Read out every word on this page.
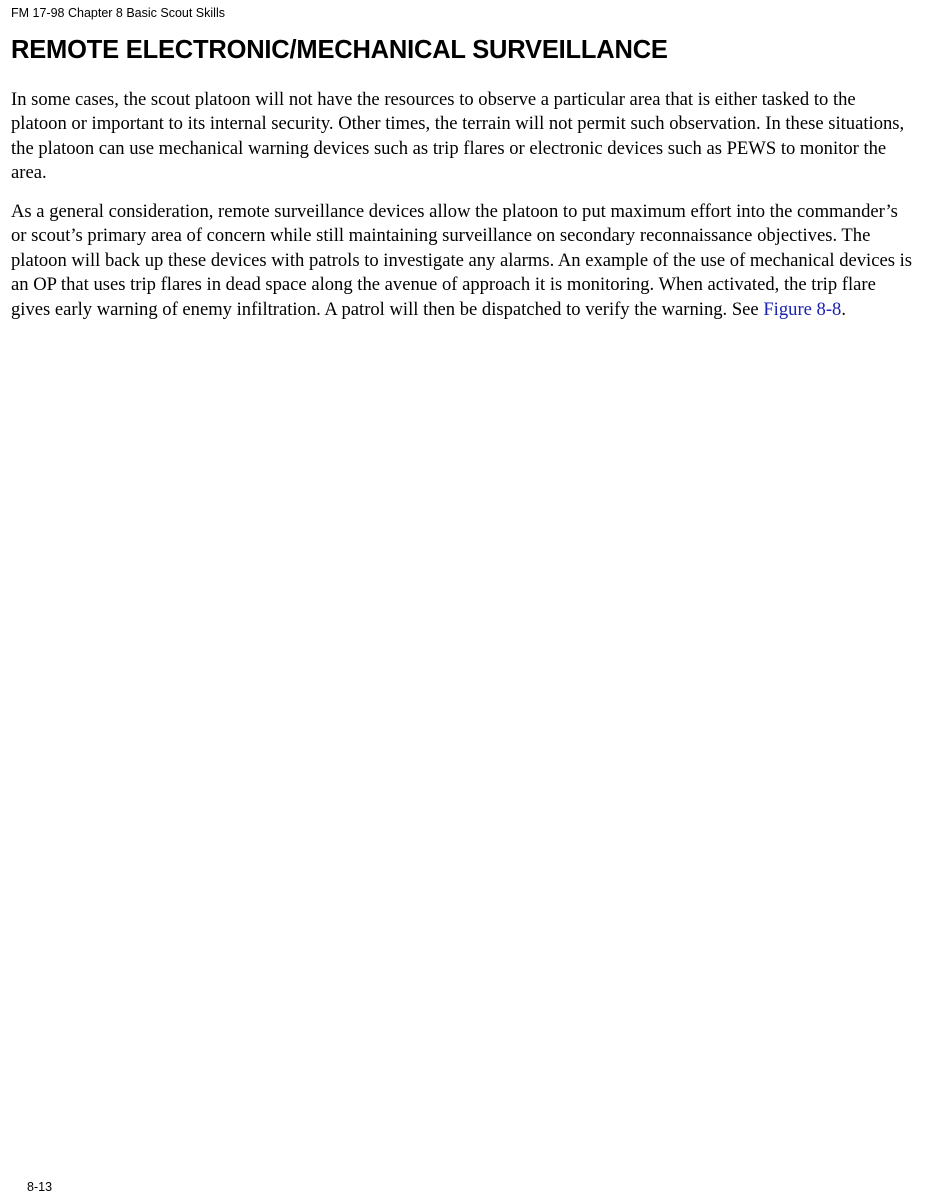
FM 17-98 Chapter 8 Basic Scout Skills
REMOTE ELECTRONIC/MECHANICAL SURVEILLANCE

In some cases, the scout platoon will not have the resources to observe a particular area that is either tasked to the platoon or important to its internal security. Other times, the terrain will not permit such observation. In these situations, the platoon can use mechanical warning devices such as trip flares or electronic devices such as PEWS to monitor the area.

As a general consideration, remote surveillance devices allow the platoon to put maximum effort into the commander’s or scout’s primary area of concern while still maintaining surveillance on secondary reconnaissance objectives. The platoon will back up these devices with patrols to investigate any alarms. An example of the use of mechanical devices is an OP that uses trip flares in dead space along the avenue of approach it is monitoring. When activated, the trip flare gives early warning of enemy infiltration. A patrol will then be dispatched to verify the warning. See Figure 8-8.

8-13
